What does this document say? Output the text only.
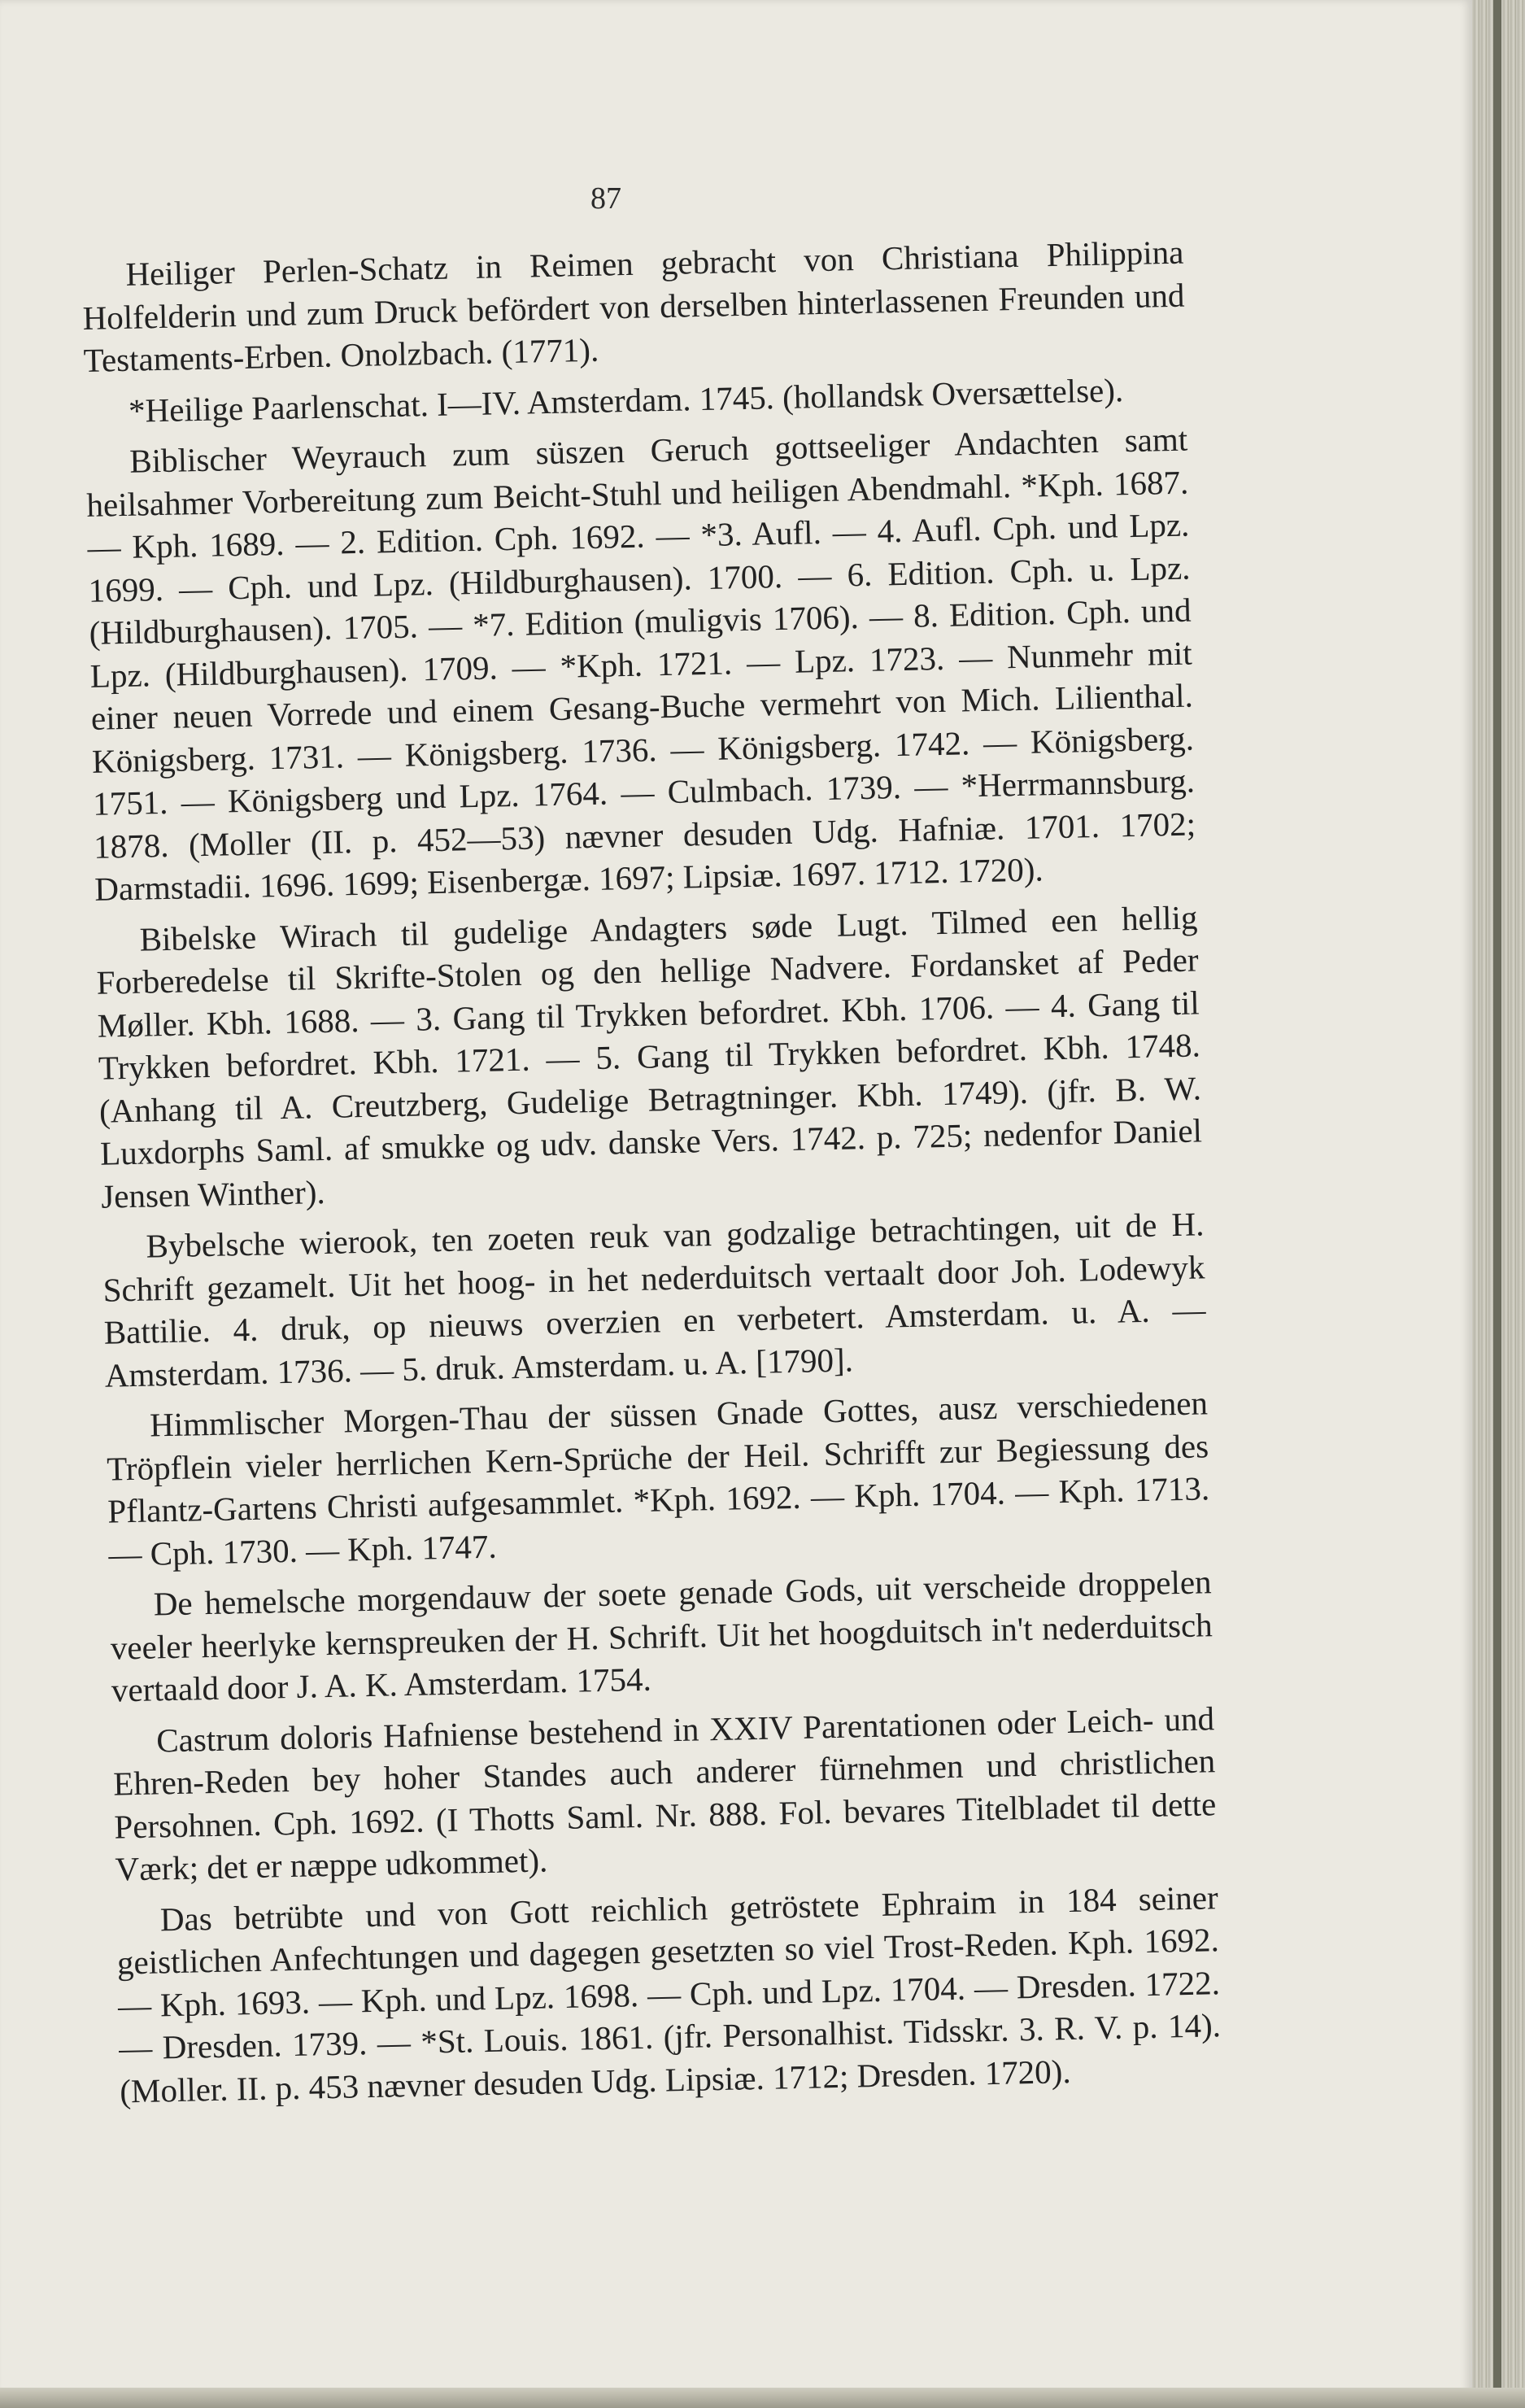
87

Heiliger Perlen-Schatz in Reimen gebracht von Christiana Philippina Holfelderin und zum Druck befördert von derselben hinterlassenen Freunden und Testaments-Erben. Onolzbach. (1771).

*Heilige Paarlenschat. I—IV. Amsterdam. 1745. (hollandsk Oversættelse).

Biblischer Weyrauch zum süszen Geruch gottseeliger Andachten samt heilsahmer Vorbereitung zum Beicht-Stuhl und heiligen Abendmahl. *Kph. 1687. — Kph. 1689. — 2. Edition. Cph. 1692. — *3. Aufl. — 4. Aufl. Cph. und Lpz. 1699. — Cph. und Lpz. (Hildburghausen). 1700. — 6. Edition. Cph. u. Lpz. (Hildburghausen). 1705. — *7. Edition (muligvis 1706). — 8. Edition. Cph. und Lpz. (Hildburghausen). 1709. — *Kph. 1721. — Lpz. 1723. — Nunmehr mit einer neuen Vorrede und einem Gesang-Buche vermehrt von Mich. Lilienthal. Königsberg. 1731. — Königsberg. 1736. — Königsberg. 1742. — Königsberg. 1751. — Königsberg und Lpz. 1764. — Culmbach. 1739. — *Herrmannsburg. 1878. (Moller (II. p. 452—53) nævner desuden Udg. Hafniæ. 1701. 1702; Darmstadii. 1696. 1699; Eisenbergæ. 1697; Lipsiæ. 1697. 1712. 1720).

Bibelske Wirach til gudelige Andagters søde Lugt. Tilmed een hellig Forberedelse til Skrifte-Stolen og den hellige Nadvere. Fordansket af Peder Møller. Kbh. 1688. — 3. Gang til Trykken befordret. Kbh. 1706. — 4. Gang til Trykken befordret. Kbh. 1721. — 5. Gang til Trykken befordret. Kbh. 1748. (Anhang til A. Creutzberg, Gudelige Betragtninger. Kbh. 1749). (jfr. B. W. Luxdorphs Saml. af smukke og udv. danske Vers. 1742. p. 725; nedenfor Daniel Jensen Winther).

Bybelsche wierook, ten zoeten reuk van godzalige betrachtingen, uit de H. Schrift gezamelt. Uit het hoog- in het nederduitsch vertaalt door Joh. Lodewyk Battilie. 4. druk, op nieuws overzien en verbetert. Amsterdam. u. A. — Amsterdam. 1736. — 5. druk. Amsterdam. u. A. [1790].

Himmlischer Morgen-Thau der süssen Gnade Gottes, ausz verschiedenen Tröpflein vieler herrlichen Kern-Sprüche der Heil. Schrifft zur Begiessung des Pflantz-Gartens Christi aufgesammlet. *Kph. 1692. — Kph. 1704. — Kph. 1713. — Cph. 1730. — Kph. 1747.

De hemelsche morgendauw der soete genade Gods, uit verscheide droppelen veeler heerlyke kernspreuken der H. Schrift. Uit het hoogduitsch in't nederduitsch vertaald door J. A. K. Amsterdam. 1754.

Castrum doloris Hafniense bestehend in XXIV Parentationen oder Leich- und Ehren-Reden bey hoher Standes auch anderer fürnehmen und christlichen Persohnen. Cph. 1692. (I Thotts Saml. Nr. 888. Fol. bevares Titelbladet til dette Værk; det er næppe udkommet).

Das betrübte und von Gott reichlich getröstete Ephraim in 184 seiner geistlichen Anfechtungen und dagegen gesetzten so viel Trost-Reden. Kph. 1692. — Kph. 1693. — Kph. und Lpz. 1698. — Cph. und Lpz. 1704. — Dresden. 1722. — Dresden. 1739. — *St. Louis. 1861. (jfr. Personalhist. Tidsskr. 3. R. V. p. 14). (Moller. II. p. 453 nævner desuden Udg. Lipsiæ. 1712; Dresden. 1720).
